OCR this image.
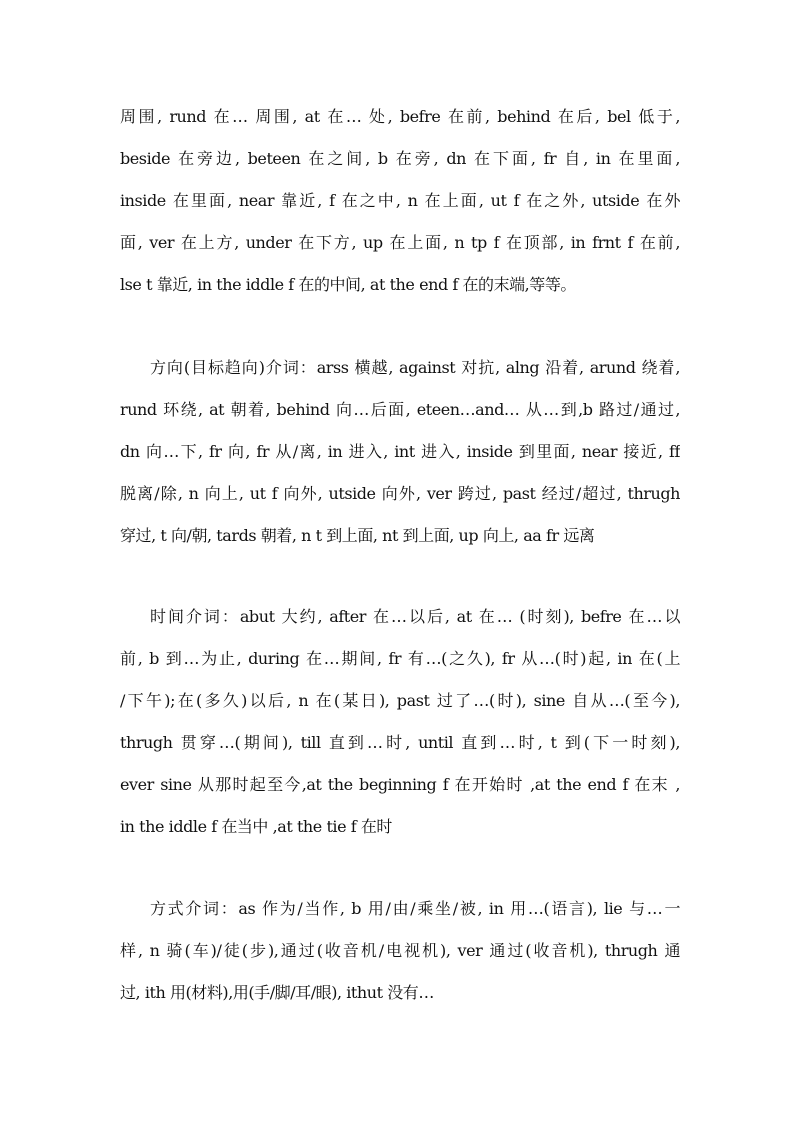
周围, rund 在… 周围, at 在… 处, befre 在前, behind 在后, bel 低于,
beside 在旁边, beteen 在之间, b 在旁, dn 在下面, fr 自, in 在里面,
inside 在里面, near 靠近, f 在之中, n 在上面, ut f 在之外, utside 在外
面, ver 在上方, under 在下方, up 在上面, n tp f 在顶部, in frnt f 在前,
lse t 靠近, in the iddle f 在的中间, at the end f 在的末端,等等。
方向(目标趋向)介词：arss 横越, against 对抗, alng 沿着, arund 绕着,
rund 环绕, at 朝着, behind 向…后面, eteen…and… 从…到,b 路过/通过,
dn 向…下, fr 向, fr 从/离, in 进入, int 进入, inside 到里面, near 接近, ff
脱离/除, n 向上, ut f 向外, utside 向外, ver 跨过, past 经过/超过, thrugh
穿过, t 向/朝, tards 朝着, n t 到上面, nt 到上面, up 向上, aa fr 远离
时间介词：abut 大约, after 在…以后, at 在… (时刻), befre 在…以
前, b 到…为止, during 在…期间, fr 有…(之久), fr 从…(时)起, in 在(上
/下午);在(多久)以后, n 在(某日), past 过了…(时), sine 自从…(至今),
thrugh 贯穿…(期间), till 直到…时, until 直到…时, t 到(下一时刻),
ever sine 从那时起至今,at the beginning f 在开始时 ,at the end f 在末 ,
in the iddle f 在当中 ,at the tie f 在时
方式介词：as 作为/当作, b 用/由/乘坐/被, in 用…(语言), lie 与…一
样, n 骑(车)/徒(步),通过(收音机/电视机), ver 通过(收音机), thrugh 通
过, ith 用(材料),用(手/脚/耳/眼), ithut 没有…
